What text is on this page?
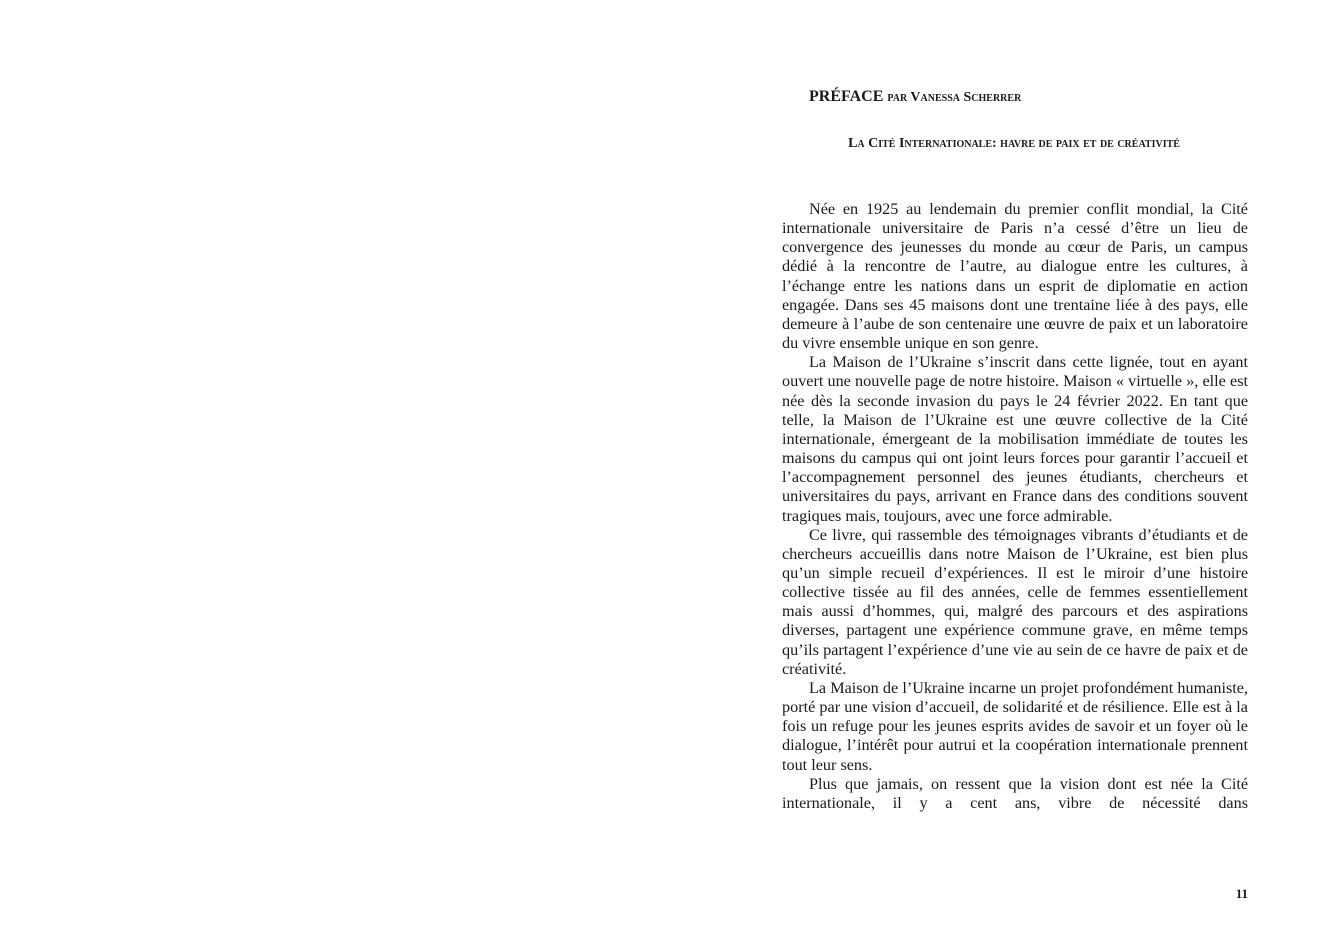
PRÉFACE par Vanessa Scherrer
La Cité Internationale: havre de paix et de créativité

Née en 1925 au lendemain du premier conflit mondial, la Cité internationale universitaire de Paris n’a cessé d’être un lieu de convergence des jeunesses du monde au cœur de Paris, un campus dédié à la rencontre de l’autre, au dialogue entre les cultures, à l’échange entre les nations dans un esprit de diplomatie en action engagée. Dans ses 45 maisons dont une trentaine liée à des pays, elle demeure à l’aube de son centenaire une œuvre de paix et un laboratoire du vivre ensemble unique en son genre.

La Maison de l’Ukraine s’inscrit dans cette lignée, tout en ayant ouvert une nouvelle page de notre histoire. Maison « virtuelle », elle est née dès la seconde invasion du pays le 24 février 2022. En tant que telle, la Maison de l’Ukraine est une œuvre collective de la Cité internationale, émergeant de la mobilisation immédiate de toutes les maisons du campus qui ont joint leurs forces pour garantir l’accueil et l’accompagnement personnel des jeunes étudiants, chercheurs et universitaires du pays, arrivant en France dans des conditions souvent tragiques mais, toujours, avec une force admirable.

Ce livre, qui rassemble des témoignages vibrants d’étudiants et de chercheurs accueillis dans notre Maison de l’Ukraine, est bien plus qu’un simple recueil d’expériences. Il est le miroir d’une histoire collective tissée au fil des années, celle de femmes essentiellement mais aussi d’hommes, qui, malgré des parcours et des aspirations diverses, partagent une expérience commune grave, en même temps qu’ils partagent l’expérience d’une vie au sein de ce havre de paix et de créativité.

La Maison de l’Ukraine incarne un projet profondément humaniste, porté par une vision d’accueil, de solidarité et de résilience. Elle est à la fois un refuge pour les jeunes esprits avides de savoir et un foyer où le dialogue, l’intérêt pour autrui et la coopération internationale prennent tout leur sens.

Plus que jamais, on ressent que la vision dont est née la Cité internationale, il y a cent ans, vibre de nécessité dans

11
